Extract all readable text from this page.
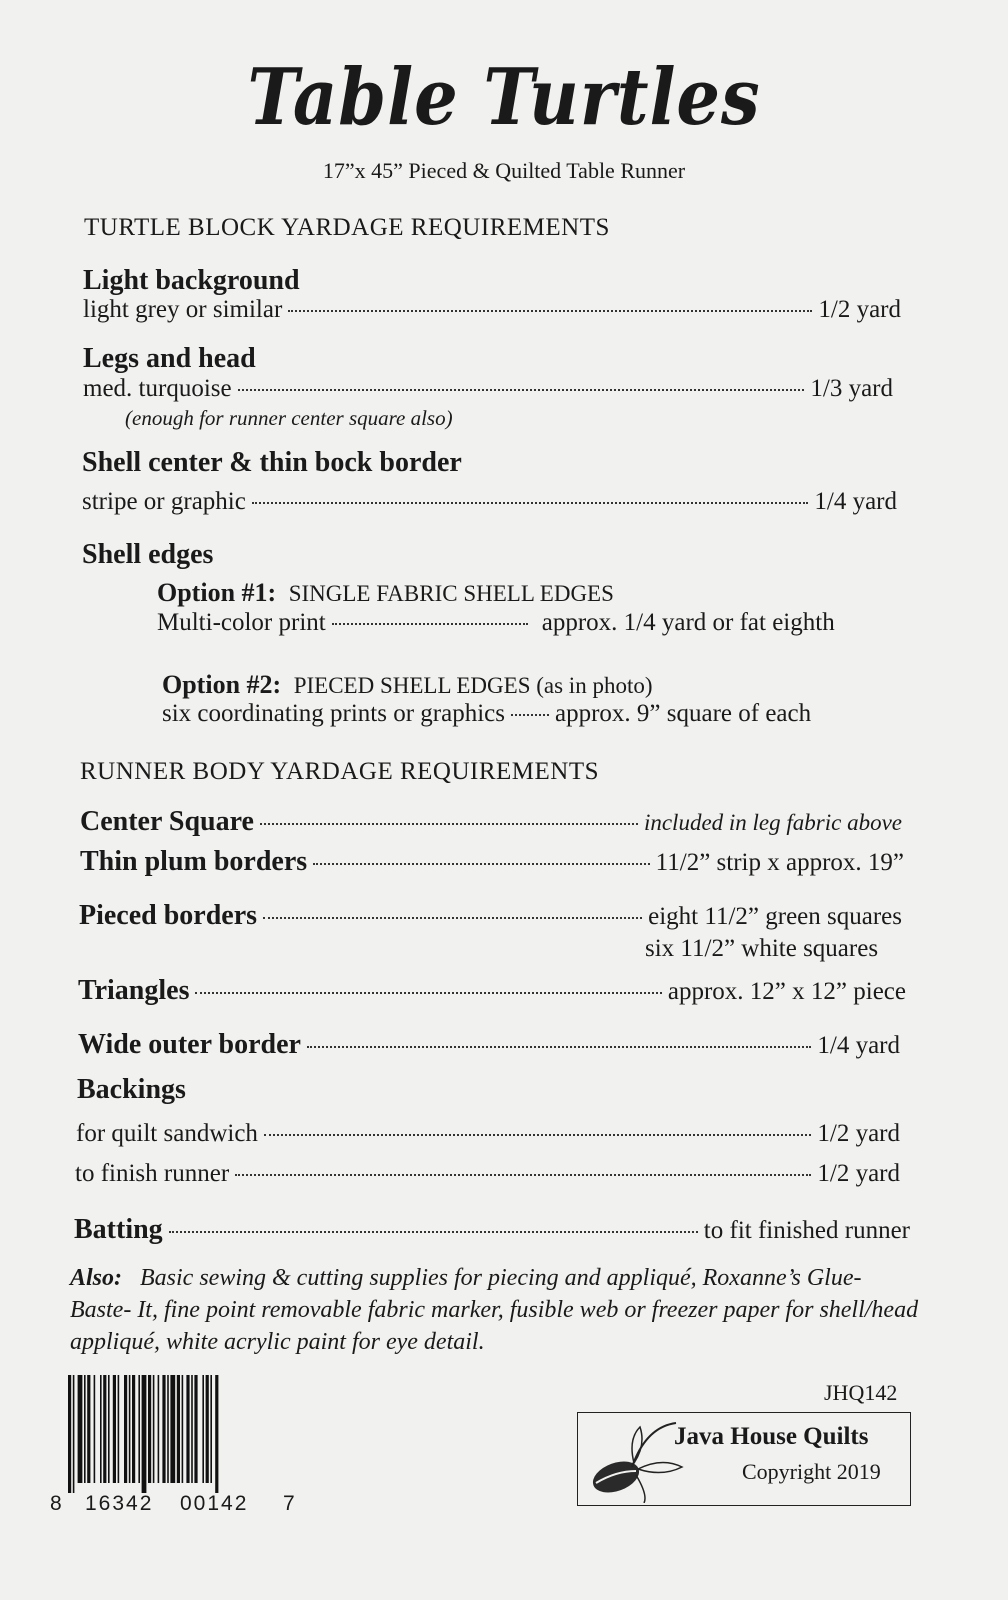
Table Turtles
17”x 45” Pieced & Quilted Table Runner
TURTLE BLOCK YARDAGE REQUIREMENTS
Light background
light grey or similar	1/2 yard
Legs and head
med. turquoise	1/3 yard
(enough for runner center square also)
Shell center & thin bock border
stripe or graphic	1/4 yard
Shell edges
Option #1: SINGLE FABRIC SHELL EDGES
Multi-color print	approx. 1/4 yard or fat eighth
Option #2: PIECED SHELL EDGES (as in photo)
six coordinating prints or graphics approx. 9” square of each
RUNNER BODY YARDAGE REQUIREMENTS
Center Square	included in leg fabric above
Thin plum borders	11/2” strip x approx. 19”
Pieced borders	eight 11/2” green squares
six 11/2” white squares
Triangles	approx. 12” x 12” piece
Wide outer border	1/4 yard
Backings
for quilt sandwich	1/2 yard
to finish runner	1/2 yard
Batting	to fit finished runner
Also: Basic sewing & cutting supplies for piecing and appliqué, Roxanne’s Glue- Baste- It, fine point removable fabric marker, fusible web or freezer paper for shell/head appliqué, white acrylic paint for eye detail.
8 16342 00142 7
JHQ142
Java House Quilts
Copyright 2019
